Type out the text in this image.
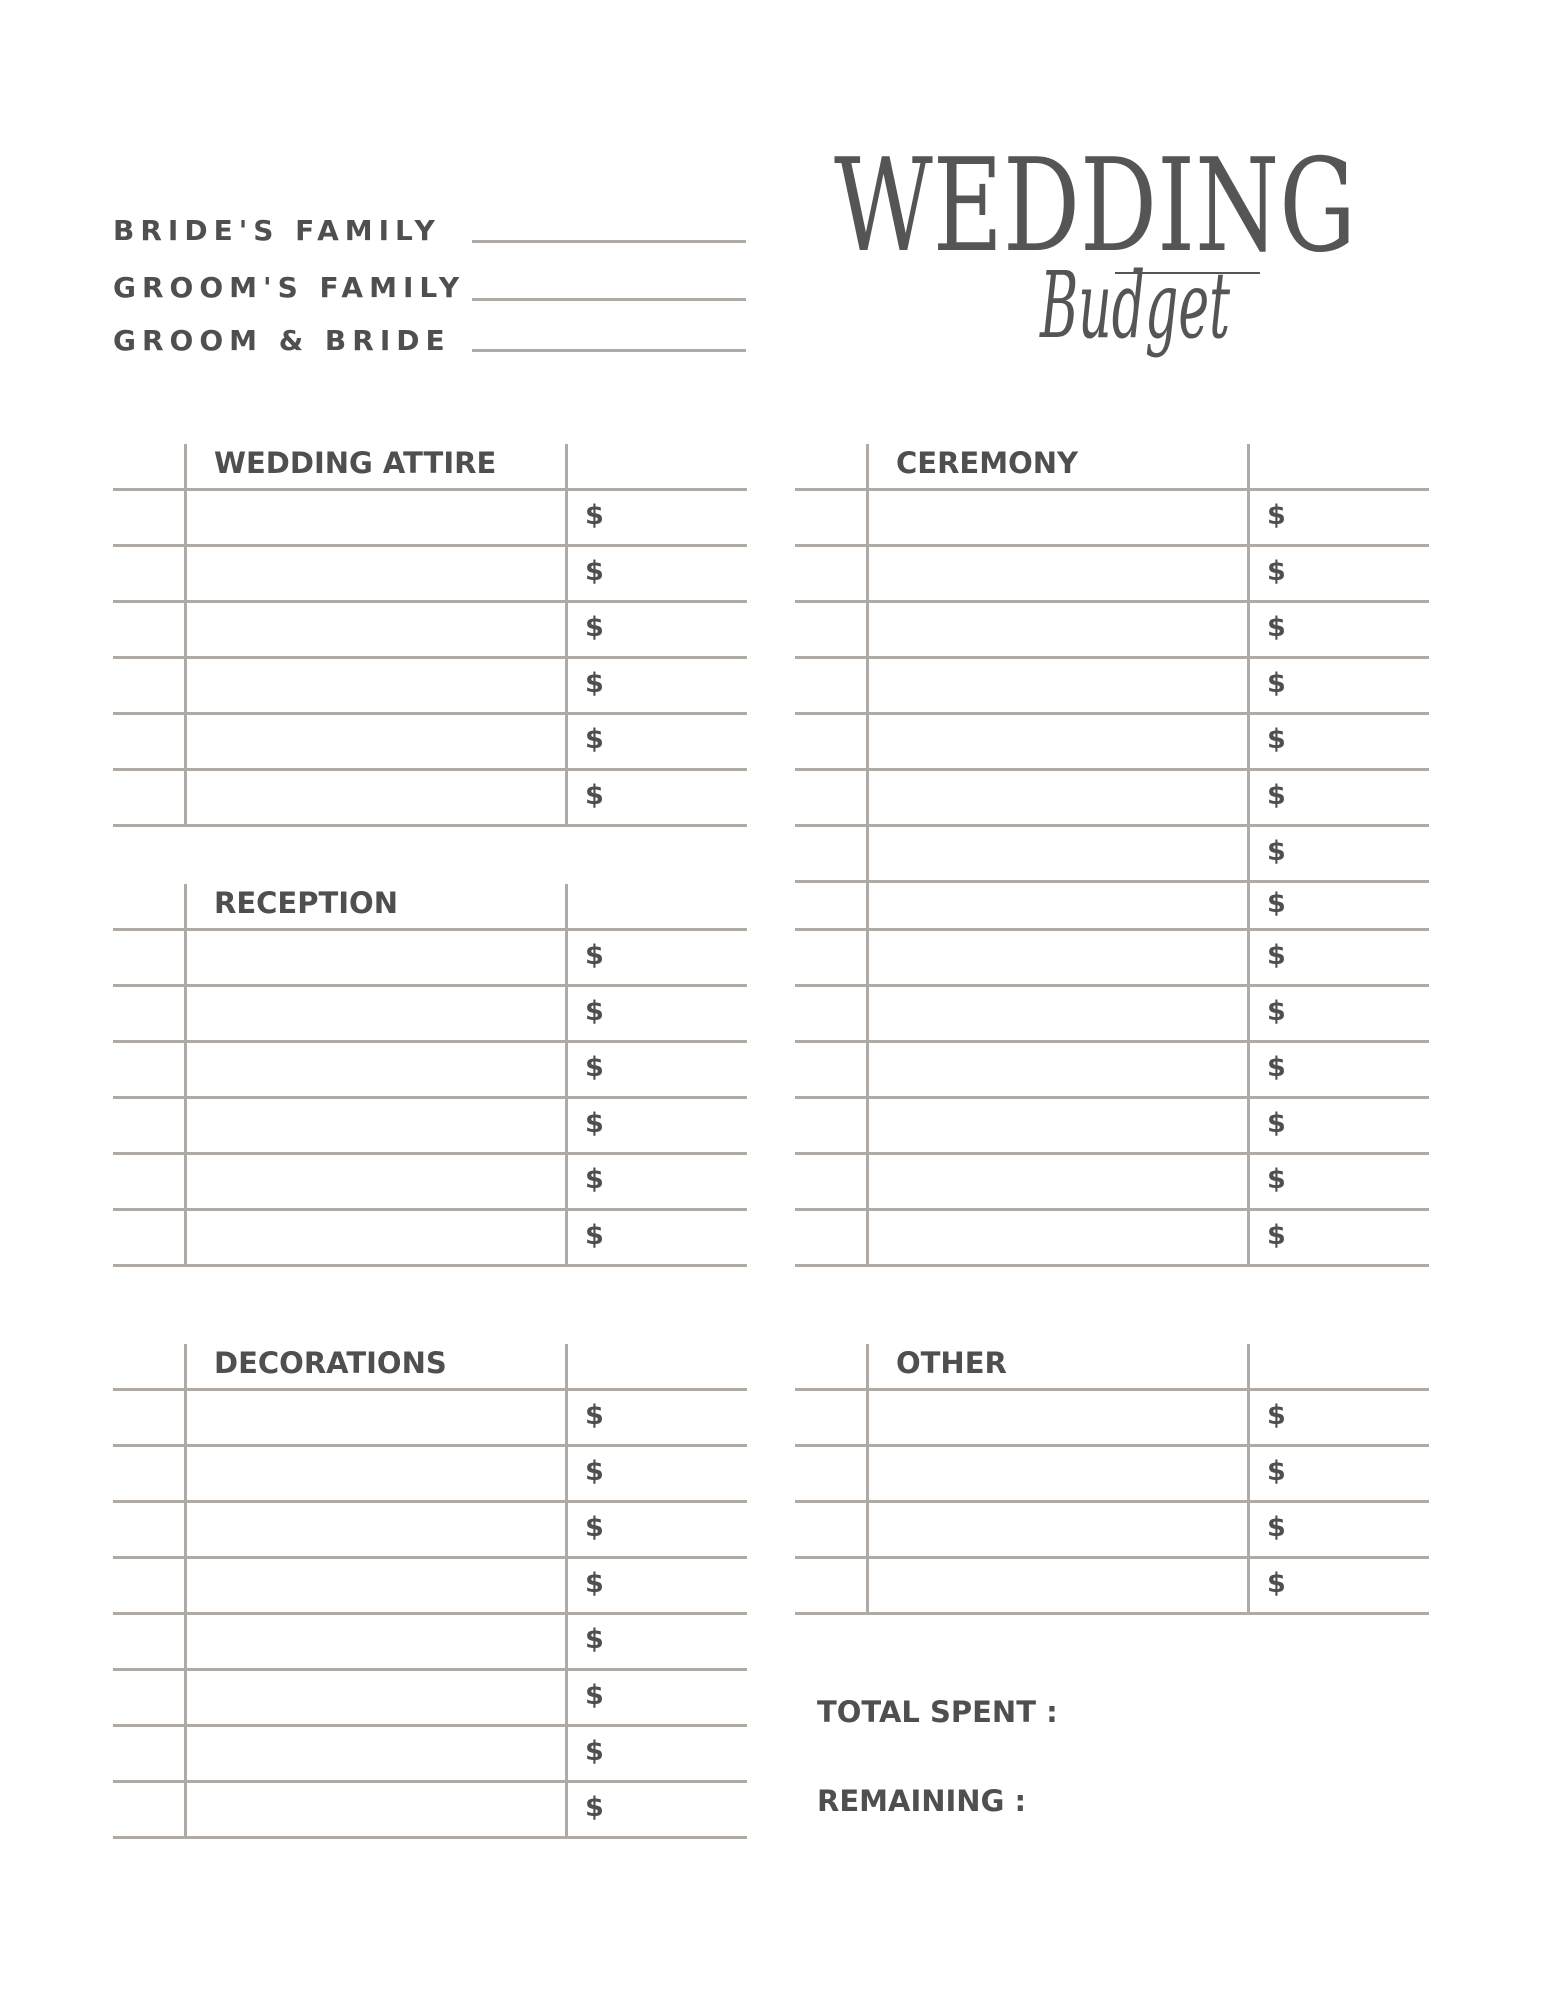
BRIDE'S FAMILY
GROOM'S FAMILY
GROOM & BRIDE
WEDDING
Budget
WEDDING ATTIRE
$
$
$
$
$
$
RECEPTION
$
$
$
$
$
$
DECORATIONS
$
$
$
$
$
$
$
$
CEREMONY
$
$
$
$
$
$
$
$
$
$
$
$
$
$
OTHER
$
$
$
$
TOTAL SPENT :
REMAINING :
